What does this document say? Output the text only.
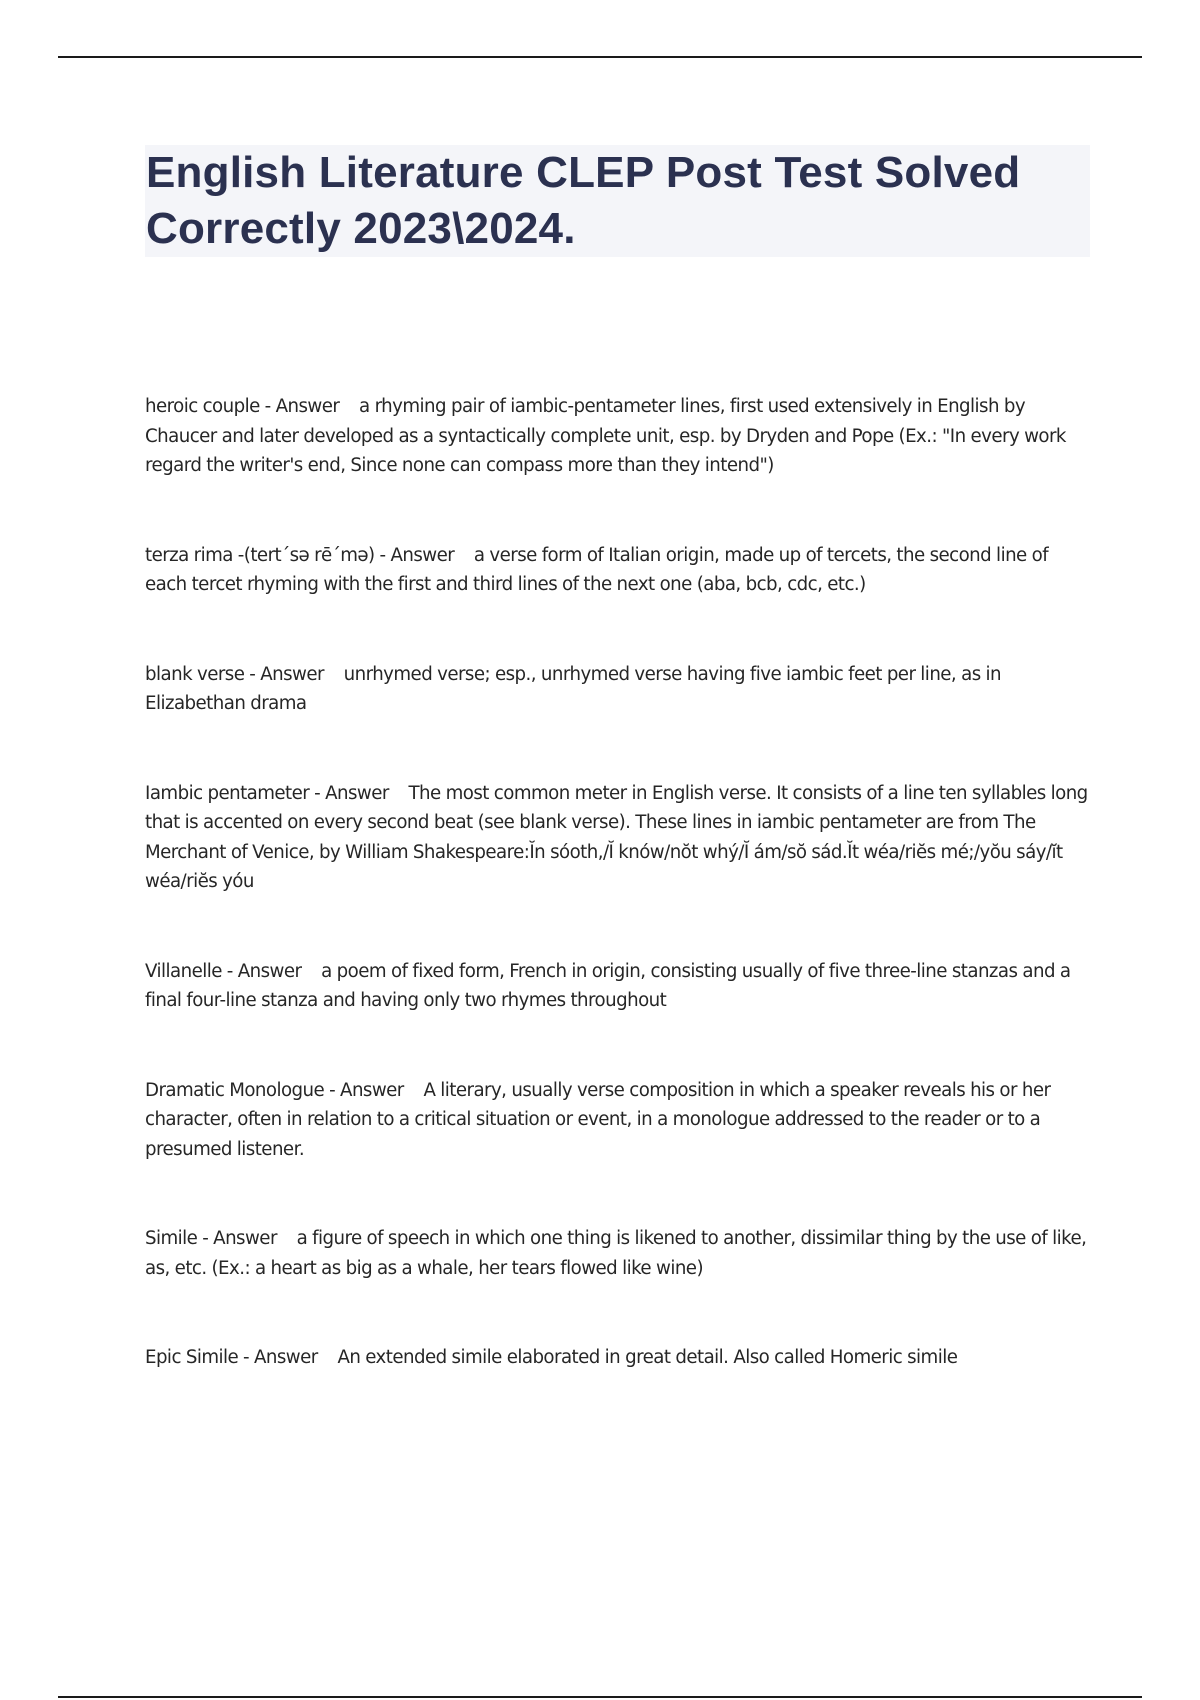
English Literature CLEP Post Test Solved Correctly 2023\2024.

heroic couple - Answer a rhyming pair of iambic-pentameter lines, first used extensively in English by Chaucer and later developed as a syntactically complete unit, esp. by Dryden and Pope (Ex.: "In every work regard the writer's end, Since none can compass more than they intend")

terza rima -(tert´sə rē´mə) - Answer a verse form of Italian origin, made up of tercets, the second line of each tercet rhyming with the first and third lines of the next one (aba, bcb, cdc, etc.)

blank verse - Answer unrhymed verse; esp., unrhymed verse having five iambic feet per line, as in Elizabethan drama

Iambic pentameter - Answer The most common meter in English verse. It consists of a line ten syllables long that is accented on every second beat (see blank verse). These lines in iambic pentameter are from The Merchant of Venice, by William Shakespeare:Ĭn sóoth,/Ĭ knów/nŏt whý/Ĭ ám/sŏ sád.Ĭt wéa/riĕs mé;/yŏu sáy/ĭt wéa/riĕs yóu

Villanelle - Answer a poem of fixed form, French in origin, consisting usually of five three-line stanzas and a final four-line stanza and having only two rhymes throughout

Dramatic Monologue - Answer A literary, usually verse composition in which a speaker reveals his or her character, often in relation to a critical situation or event, in a monologue addressed to the reader or to a presumed listener.

Simile - Answer a figure of speech in which one thing is likened to another, dissimilar thing by the use of like, as, etc. (Ex.: a heart as big as a whale, her tears flowed like wine)

Epic Simile - Answer An extended simile elaborated in great detail. Also called Homeric simile
